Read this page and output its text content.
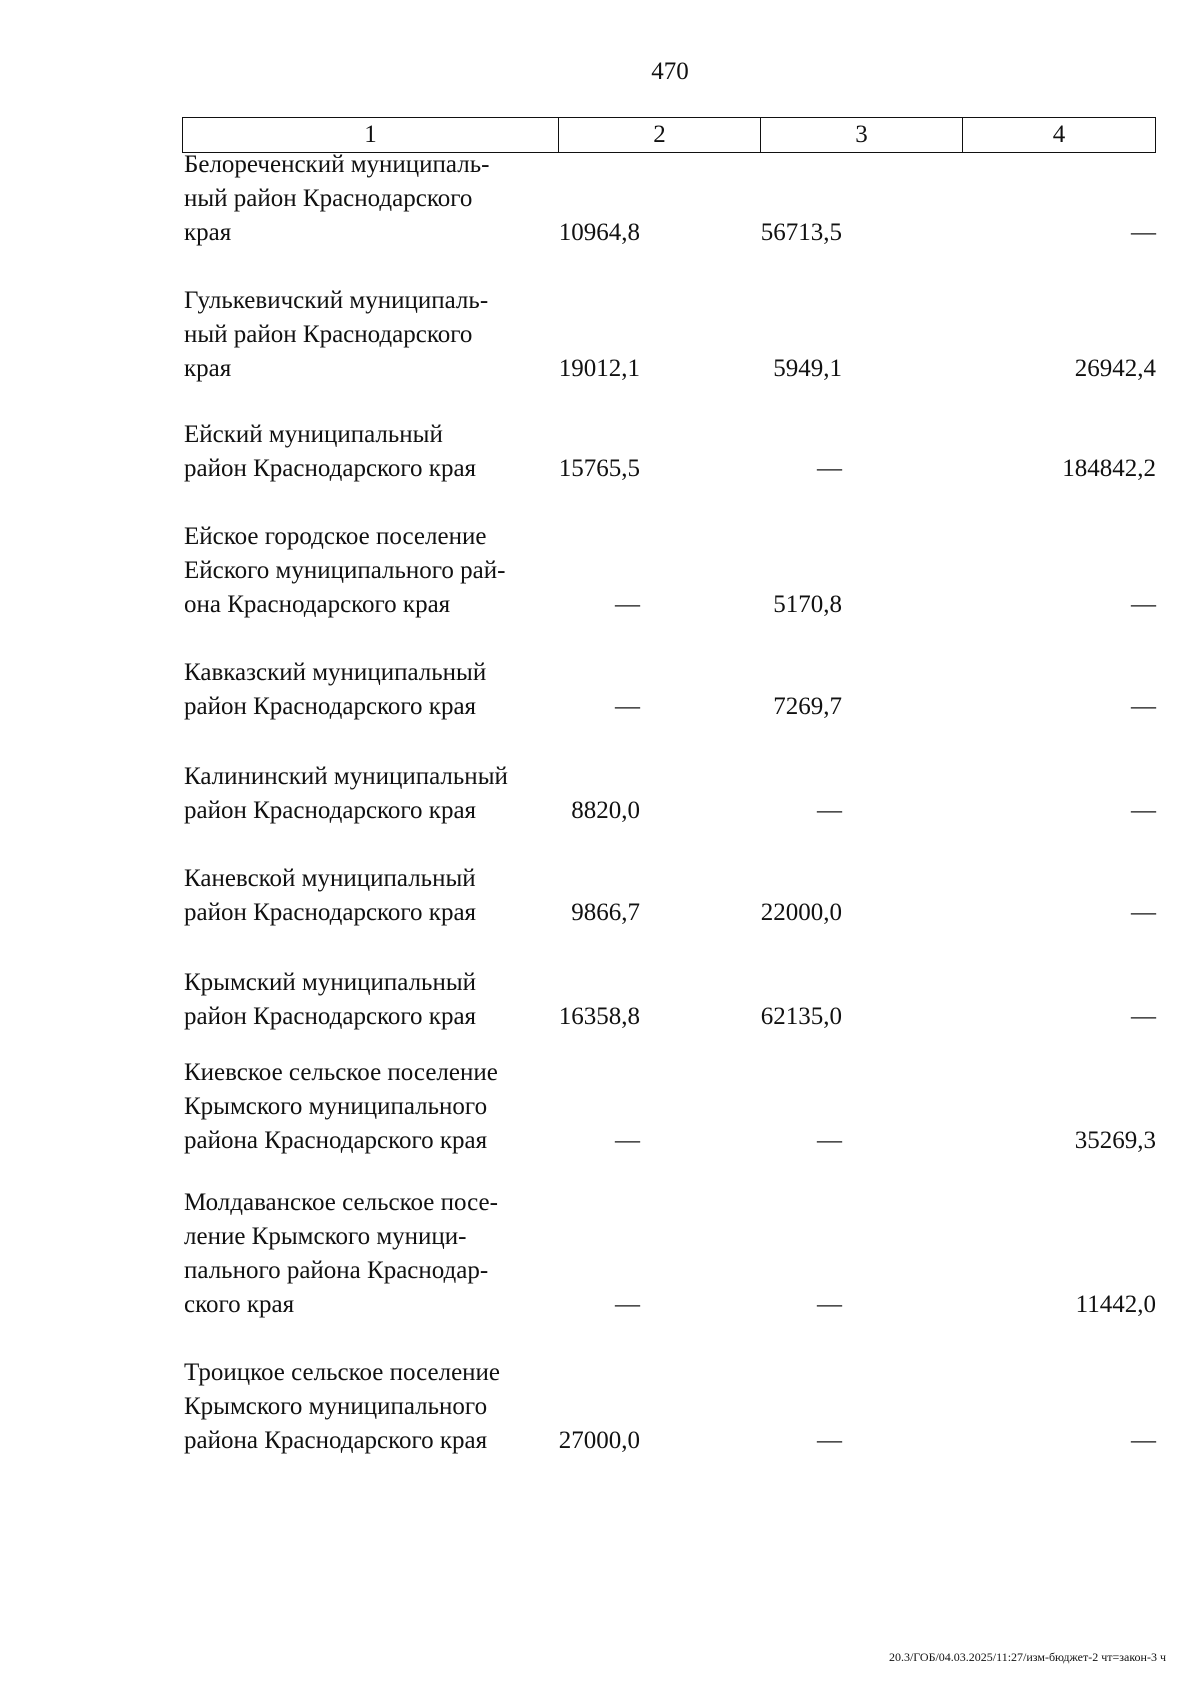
470
1	2	3	4
Белореченский муниципаль-
ный район Краснодарского
края	10964,8	56713,5	—
Гулькевичский муниципаль-
ный район Краснодарского
края	19012,1	5949,1	26942,4
Ейский муниципальный
район Краснодарского края	15765,5	—	184842,2
Ейское городское поселение
Ейского муниципального рай-
она Краснодарского края	—	5170,8	—
Кавказский муниципальный
район Краснодарского края	—	7269,7	—
Калининский муниципальный
район Краснодарского края	8820,0	—	—
Каневской муниципальный
район Краснодарского края	9866,7	22000,0	—
Крымский муниципальный
район Краснодарского края	16358,8	62135,0	—
Киевское сельское поселение
Крымского муниципального
района Краснодарского края	—	—	35269,3
Молдаванское сельское посе-
ление Крымского муници-
пального района Краснодар-
ского края	—	—	11442,0
Троицкое сельское поселение
Крымского муниципального
района Краснодарского края	27000,0	—	—
20.3/ГОБ/04.03.2025/11:27/изм-бюджет-2 чт=закон-3 ч
